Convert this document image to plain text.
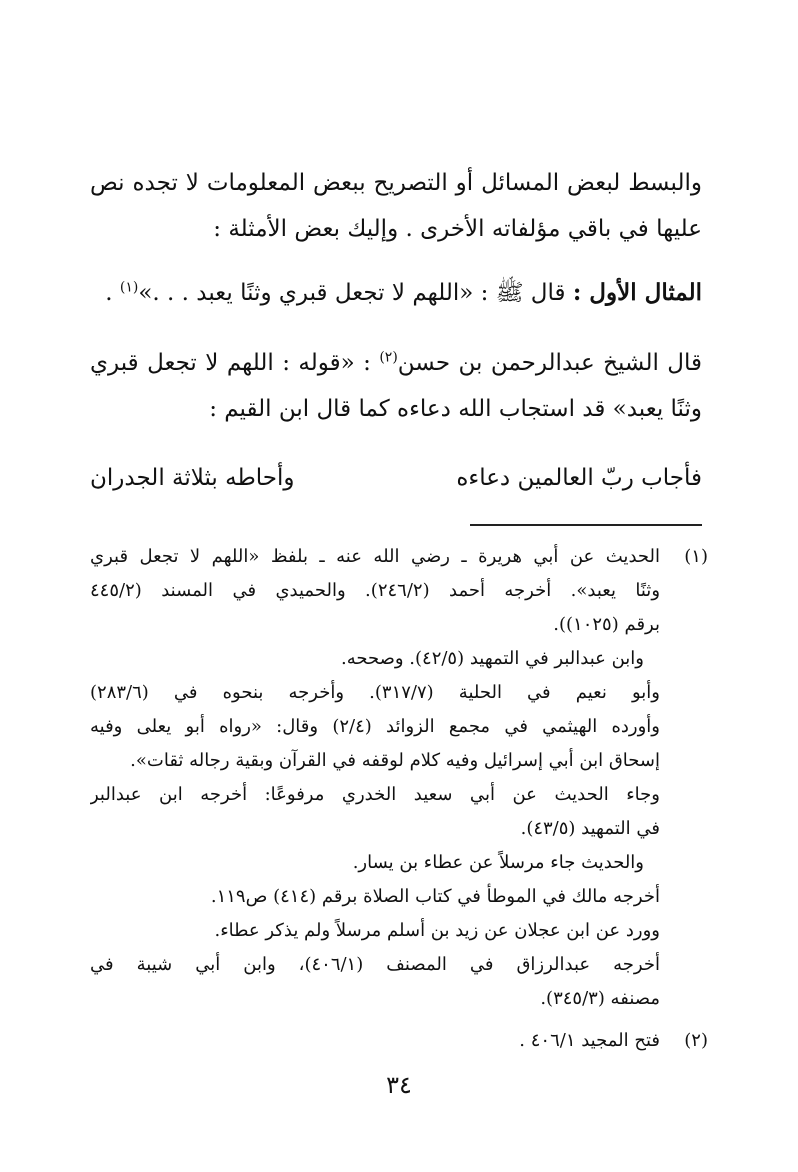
والبسط لبعض المسائل أو التصريح ببعض المعلومات لا تجده نص عليها في باقي مؤلفاته الأخرى . وإليك بعض الأمثلة :

المثال الأول : قال ﷺ : «اللهم لا تجعل قبري وثنًا يعبد . . .»$^{(١)}$ .

قال الشيخ عبدالرحمن بن حسن$^{(٢)}$ : «قوله : اللهم لا تجعل قبري وثنًا يعبد» قد استجاب الله دعاءه كما قال ابن القيم :

فأجاب ربّ العالمين دعاءه
وأحاطه بثلاثة الجدران
(١)
الحديث عن أبي هريرة ـ رضي الله عنه ـ بلفظ «اللهم لا تجعل قبري
وثنًا يعبد». أخرجه أحمد (٢٤٦/٢). والحميدي في المسند (٤٤٥/٢
برقم (١٠٢٥)).
وابن عبدالبر في التمهيد (٤٢/٥). وصححه.
وأبو نعيم في الحلية (٣١٧/٧). وأخرجه بنحوه في (٢٨٣/٦)
وأورده الهيثمي في مجمع الزوائد (٢/٤) وقال: «رواه أبو يعلى وفيه
إسحاق ابن أبي إسرائيل وفيه كلام لوقفه في القرآن وبقية رجاله ثقات».
وجاء الحديث عن أبي سعيد الخدري مرفوعًا: أخرجه ابن عبدالبر
في التمهيد (٤٣/٥).
والحديث جاء مرسلاً عن عطاء بن يسار.
أخرجه مالك في الموطأ في كتاب الصلاة برقم (٤١٤) ص١١٩.
وورد عن ابن عجلان عن زيد بن أسلم مرسلاً ولم يذكر عطاء.
أخرجه عبدالرزاق في المصنف (٤٠٦/١)، وابن أبي شيبة في
مصنفه (٣٤٥/٣).
(٢)
فتح المجيد ٤٠٦/١ .
٣٤
